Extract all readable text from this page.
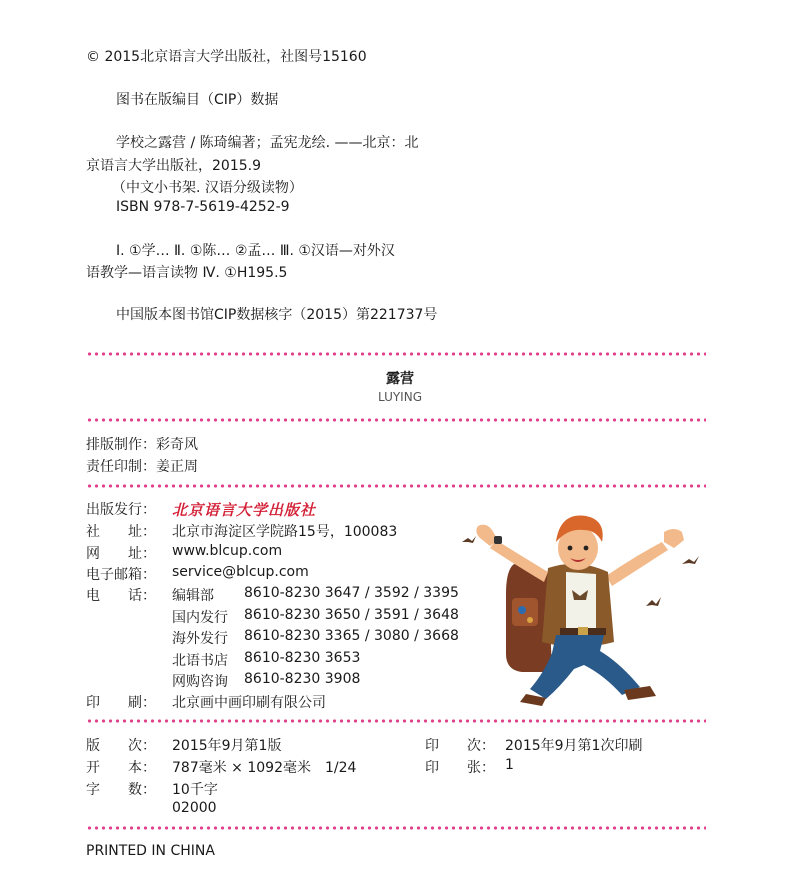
© 2015北京语言大学出版社，社图号15160
图书在版编目（CIP）数据
学校之露营 / 陈琦编著；孟宪龙绘. ——北京：北
京语言大学出版社，2015.9
（中文小书架. 汉语分级读物）
ISBN 978-7-5619-4252-9
Ⅰ. ①学… Ⅱ. ①陈… ②孟… Ⅲ. ①汉语—对外汉
语教学—语言读物 Ⅳ. ①H195.5
中国版本图书馆CIP数据核字（2015）第221737号
露营
LUYING
排版制作：彩奇风
责任印制：姜正周
出版发行： 北京语言大学出版社
社　　址： 北京市海淀区学院路15号，100083
网　　址： www.blcup.com
电子邮箱： service@blcup.com
电　　话： 编辑部 8610-8230 3647 / 3592 / 3395
国内发行 8610-8230 3650 / 3591 / 3648
海外发行 8610-8230 3365 / 3080 / 3668
北语书店 8610-8230 3653
网购咨询 8610-8230 3908
印　　刷： 北京画中画印刷有限公司
版　　次： 2015年9月第1版	印　　次： 2015年9月第1次印刷
开　　本： 787毫米 × 1092毫米　1/24	印　　张： 1
字　　数： 10千字
02000
PRINTED IN CHINA
